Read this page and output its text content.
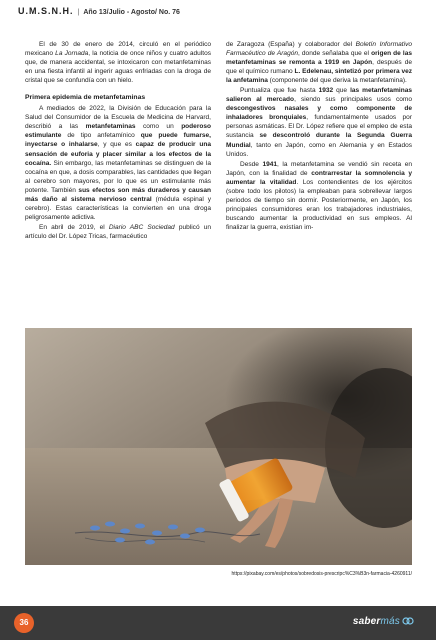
U.M.S.N.H. | Año 13/Julio - Agosto/ No. 76

El de 30 de enero de 2014, circuló en el periódico mexicano La Jornada, la noticia de once niños y cuatro adultos que, de manera accidental, se intoxicaron con metanfetaminas en una fiesta infantil al ingerir aguas enfriadas con la droga de cristal que se confundía con un hielo.

Primera epidemia de metanfetaminas

A mediados de 2022, la División de Educación para la Salud del Consumidor de la Escuela de Medicina de Harvard, describió a las metanfetaminas como un poderoso estimulante de tipo anfetamínico que puede fumarse, inyectarse o inhalarse, y que es capaz de producir una sensación de euforia y placer similar a los efectos de la cocaína. Sin embargo, las metanfetaminas se distinguen de la cocaína en que, a dosis comparables, las cantidades que llegan al cerebro son mayores, por lo que es un estimulante más potente. También sus efectos son más duraderos y causan más daño al sistema nervioso central (médula espinal y cerebro). Estas características la convierten en una droga peligrosamente adictiva.

En abril de 2019, el Diario ABC Sociedad publicó un artículo del Dr. López Tricas, farmacéutico

de Zaragoza (España) y colaborador del Boletín Informativo Farmacéutico de Aragón, donde señalaba que el origen de las metanfetaminas se remonta a 1919 en Japón, después de que el químico rumano L. Edelenau, sintetizó por primera vez la anfetamina (componente del que deriva la metanfetamina).

Puntualiza que fue hasta 1932 que las metanfetaminas salieron al mercado, siendo sus principales usos como descongestivos nasales y como componente de inhaladores bronquiales, fundamentalmente usados por personas asmáticas. El Dr. López refiere que el empleo de esta sustancia se descontroló durante la Segunda Guerra Mundial, tanto en Japón, como en Alemania y en Estados Unidos.

Desde 1941, la metanfetamina se vendió sin receta en Japón, con la finalidad de contrarrestar la somnolencia y aumentar la vitalidad. Los contendientes de los ejércitos (sobre todo los pilotos) la empleaban para sobrellevar largos periodos de tiempo sin dormir. Posteriormente, en Japón, los principales consumidores eran los trabajadores industriales, buscando aumentar la productividad en sus empleos. Al finalizar la guerra, existían im-

https://pixabay.com/es/photos/sobredosis-prescripc%C3%B3n-farmacia-4260911/
36	saber más
